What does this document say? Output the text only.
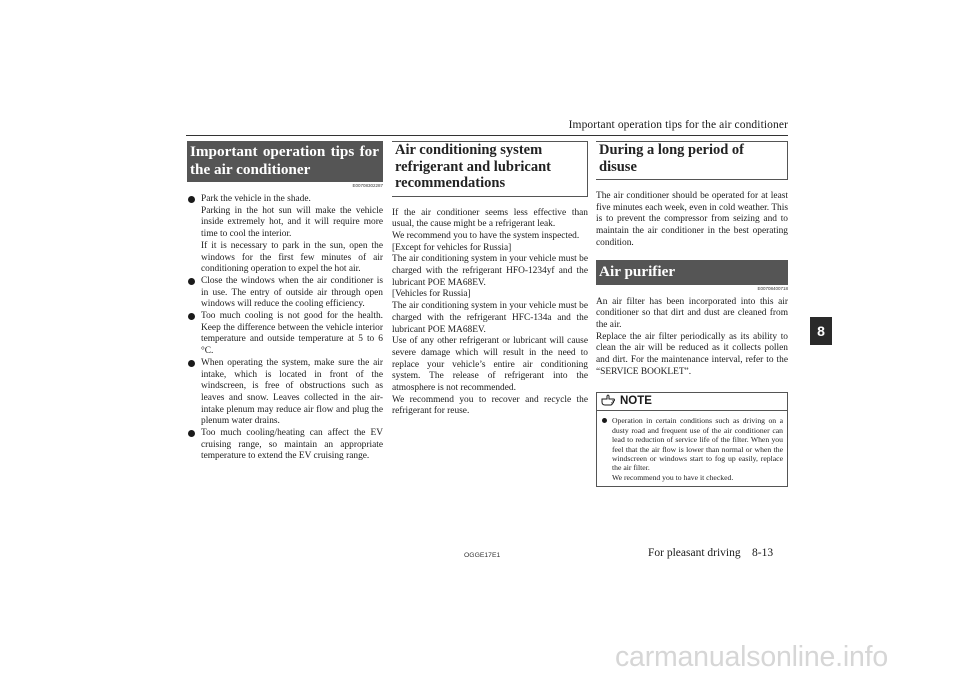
Important operation tips for the air conditioner
Important operation tips for the air conditioner
E00708302287
Park the vehicle in the shade.
Parking in the hot sun will make the vehicle inside extremely hot, and it will require more time to cool the interior.
If it is necessary to park in the sun, open the windows for the first few minutes of air conditioning operation to expel the hot air.
Close the windows when the air conditioner is in use. The entry of outside air through open windows will reduce the cooling efficiency.
Too much cooling is not good for the health. Keep the difference between the vehicle interior temperature and outside temperature at 5 to 6 °C.
When operating the system, make sure the air intake, which is located in front of the windscreen, is free of obstructions such as leaves and snow. Leaves collected in the air-intake plenum may reduce air flow and plug the plenum water drains.
Too much cooling/heating can affect the EV cruising range, so maintain an appropriate temperature to extend the EV cruising range.
Air conditioning system refrigerant and lubricant recommendations

If the air conditioner seems less effective than usual, the cause might be a refrigerant leak.

We recommend you to have the system inspected.

[Except for vehicles for Russia]

The air conditioning system in your vehicle must be charged with the refrigerant HFO-1234yf and the lubricant POE MA68EV.

[Vehicles for Russia]

The air conditioning system in your vehicle must be charged with the refrigerant HFC-134a and the lubricant POE MA68EV.

Use of any other refrigerant or lubricant will cause severe damage which will result in the need to replace your vehicle’s entire air conditioning system. The release of refrigerant into the atmosphere is not recommended.

We recommend you to recover and recycle the refrigerant for reuse.

During a long period of disuse

The air conditioner should be operated for at least five minutes each week, even in cold weather. This is to prevent the compressor from seizing and to maintain the air conditioner in the best operating condition.

Air purifier
E00708400718

An air filter has been incorporated into this air conditioner so that dirt and dust are cleaned from the air.

Replace the air filter periodically as its ability to clean the air will be reduced as it collects pollen and dirt. For the maintenance interval, refer to the “SERVICE BOOKLET”.

NOTE
Operation in certain conditions such as driving on a dusty road and frequent use of the air conditioner can lead to reduction of service life of the filter. When you feel that the air flow is lower than normal or when the windscreen or windows start to fog up easily, replace the air filter.
We recommend you to have it checked.
8
OGGE17E1	For pleasant driving 8-13
carmanualsonline.info
